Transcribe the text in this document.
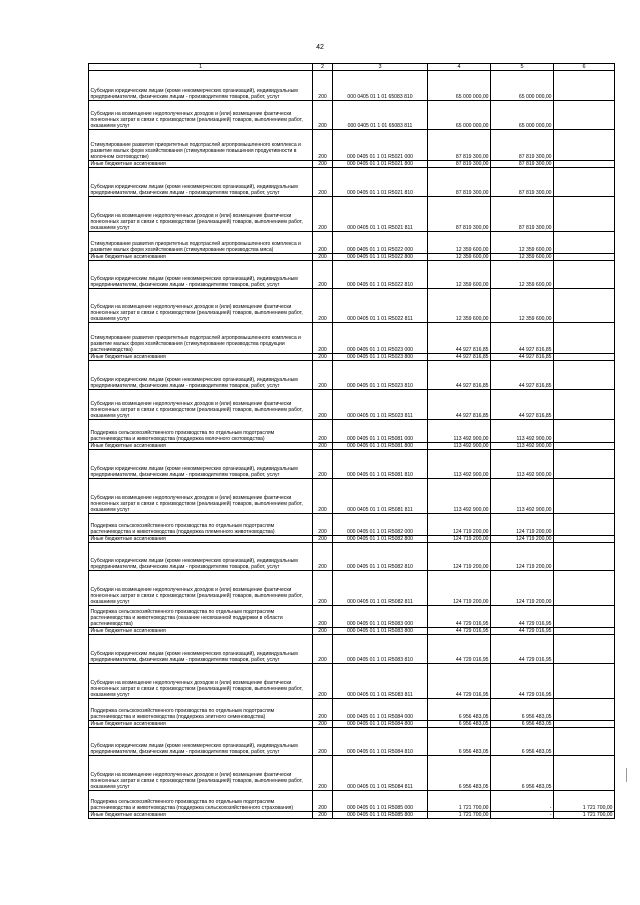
42
1	2	3	4	5	6
Субсидии юридическим лицам (кроме некоммерческих организаций), индивидуальным предпринимателям, физическим лицам - производителям товаров, работ, услуг	200	000 0405 01 1 01 65083 810	65 000 000,00	65 000 000,00	
Субсидии на возмещение недополученных доходов и (или) возмещение фактически понесенных затрат в связи с производством (реализацией) товаров, выполнением работ, оказанием услуг	200	000 0405 01 1 01 65083 811	65 000 000,00	65 000 000,00	
Стимулирование развития приоритетных подотраслей агропромышленного комплекса и развитие малых форм хозяйствования (стимулирование повышения продуктивности в молочном скотоводстве)	200	000 0405 01 1 01 R5021 000	87 819 300,00	87 819 300,00	
Иные бюджетные ассигнования	200	000 0405 01 1 01 R5021 800	87 819 300,00	87 819 300,00	
Субсидии юридическим лицам (кроме некоммерческих организаций), индивидуальным предпринимателям, физическим лицам - производителям товаров, работ, услуг	200	000 0405 01 1 01 R5021 810	87 819 300,00	87 819 300,00	
Субсидии на возмещение недополученных доходов и (или) возмещение фактически понесенных затрат в связи с производством (реализацией) товаров, выполнением работ, оказанием услуг	200	000 0405 01 1 01 R5021 811	87 819 300,00	87 819 300,00	
Стимулирование развития приоритетных подотраслей агропромышленного комплекса и развитие малых форм хозяйствования (стимулирование производства мяса)	200	000 0405 01 1 01 R5022 000	12 359 600,00	12 359 600,00	
Иные бюджетные ассигнования	200	000 0405 01 1 01 R5022 800	12 359 600,00	12 359 600,00	
Субсидии юридическим лицам (кроме некоммерческих организаций), индивидуальным предпринимателям, физическим лицам - производителям товаров, работ, услуг	200	000 0405 01 1 01 R5022 810	12 359 600,00	12 359 600,00	
Субсидии на возмещение недополученных доходов и (или) возмещение фактически понесенных затрат в связи с производством (реализацией) товаров, выполнением работ, оказанием услуг	200	000 0405 01 1 01 R5022 811	12 359 600,00	12 359 600,00	
Стимулирование развития приоритетных подотраслей агропромышленного комплекса и развитие малых форм хозяйствования (стимулирование производства продукции растениеводства)	200	000 0405 01 1 01 R5023 000	44 927 816,85	44 927 816,85	
Иные бюджетные ассигнования	200	000 0405 01 1 01 R5023 800	44 927 816,85	44 927 816,85	
Субсидии юридическим лицам (кроме некоммерческих организаций), индивидуальным предпринимателям, физическим лицам - производителям товаров, работ, услуг	200	000 0405 01 1 01 R5023 810	44 927 816,85	44 927 816,85	
Субсидии на возмещение недополученных доходов и (или) возмещение фактически понесенных затрат в связи с производством (реализацией) товаров, выполнением работ, оказанием услуг	200	000 0405 01 1 01 R5023 811	44 927 816,85	44 927 816,85	
Поддержка сельскохозяйственного производства по отдельным подотраслям растениеводства и животноводства (поддержка молочного скотоводства)	200	000 0405 01 1 01 R5081 000	113 492 900,00	113 492 900,00	
Иные бюджетные ассигнования	200	000 0405 01 1 01 R5081 800	113 492 900,00	113 492 900,00	
Субсидии юридическим лицам (кроме некоммерческих организаций), индивидуальным предпринимателям, физическим лицам - производителям товаров, работ, услуг	200	000 0405 01 1 01 R5081 810	113 492 900,00	113 492 900,00	
Субсидии на возмещение недополученных доходов и (или) возмещение фактически понесенных затрат в связи с производством (реализацией) товаров, выполнением работ, оказанием услуг	200	000 0405 01 1 01 R5081 811	113 492 900,00	113 492 900,00	
Поддержка сельскохозяйственного производства по отдельным подотраслям растениеводства и животноводства (поддержка племенного животноводства)	200	000 0405 01 1 01 R5082 000	124 719 200,00	124 719 200,00	
Иные бюджетные ассигнования	200	000 0405 01 1 01 R5082 800	124 719 200,00	124 719 200,00	
Субсидии юридическим лицам (кроме некоммерческих организаций), индивидуальным предпринимателям, физическим лицам - производителям товаров, работ, услуг	200	000 0405 01 1 01 R5082 810	124 719 200,00	124 719 200,00	
Субсидии на возмещение недополученных доходов и (или) возмещение фактически понесенных затрат в связи с производством (реализацией) товаров, выполнением работ, оказанием услуг	200	000 0405 01 1 01 R5082 811	124 719 200,00	124 719 200,00	
Поддержка сельскохозяйственного производства по отдельным подотраслям растениеводства и животноводства (оказание несвязанной поддержки в области растениеводства)	200	000 0405 01 1 01 R5083 000	44 729 016,95	44 729 016,95	
Иные бюджетные ассигнования	200	000 0405 01 1 01 R5083 800	44 729 016,95	44 729 016,95	
Субсидии юридическим лицам (кроме некоммерческих организаций), индивидуальным предпринимателям, физическим лицам - производителям товаров, работ, услуг	200	000 0405 01 1 01 R5083 810	44 729 016,95	44 729 016,95	
Субсидии на возмещение недополученных доходов и (или) возмещение фактически понесенных затрат в связи с производством (реализацией) товаров, выполнением работ, оказанием услуг	200	000 0405 01 1 01 R5083 811	44 729 016,95	44 729 016,95	
Поддержка сельскохозяйственного производства по отдельным подотраслям растениеводства и животноводства (поддержка элитного семеноводства)	200	000 0405 01 1 01 R5084 000	6 956 483,05	6 956 483,05	
Иные бюджетные ассигнования	200	000 0405 01 1 01 R5084 800	6 956 483,05	6 956 483,05	
Субсидии юридическим лицам (кроме некоммерческих организаций), индивидуальным предпринимателям, физическим лицам - производителям товаров, работ, услуг	200	000 0405 01 1 01 R5084 810	6 956 483,05	6 956 483,05	
Субсидии на возмещение недополученных доходов и (или) возмещение фактически понесенных затрат в связи с производством (реализацией) товаров, выполнением работ, оказанием услуг	200	000 0405 01 1 01 R5084 811	6 956 483,05	6 956 483,05	
Поддержка сельскохозяйственного производства по отдельным подотраслям растениеводства и животноводства (поддержка сельскохозяйственного страхования)	200	000 0405 01 1 01 R5085 000	1 721 700,00	-	1 721 700,00
Иные бюджетные ассигнования	200	000 0405 01 1 01 R5085 800	1 721 700,00	-	1 721 700,00
